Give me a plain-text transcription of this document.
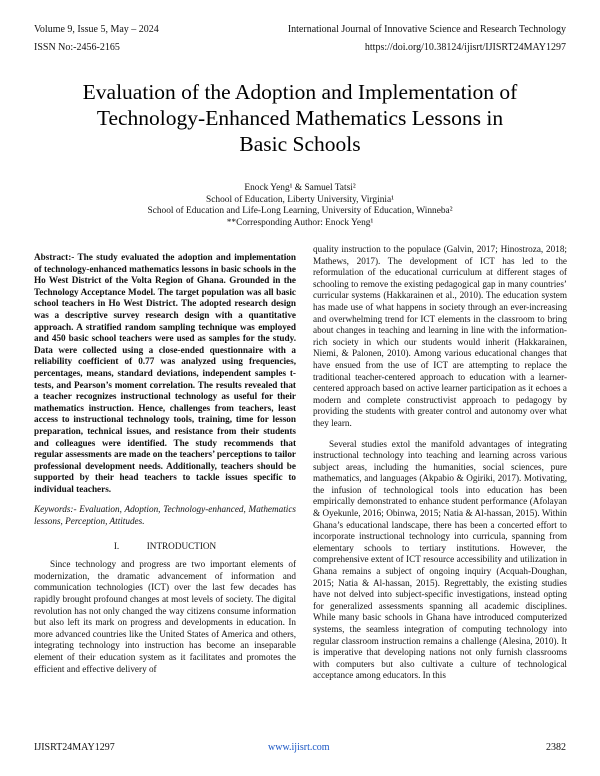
Volume 9, Issue 5, May – 2024	International Journal of Innovative Science and Research Technology
ISSN No:-2456-2165	https://doi.org/10.38124/ijisrt/IJISRT24MAY1297
Evaluation of the Adoption and Implementation of
Technology-Enhanced Mathematics Lessons in
Basic Schools
Enock Yeng¹ & Samuel Tatsi²
School of Education, Liberty University, Virginia¹
School of Education and Life-Long Learning, University of Education, Winneba²
**Corresponding Author: Enock Yeng¹

Abstract:- The study evaluated the adoption and implementation of technology-enhanced mathematics lessons in basic schools in the Ho West District of the Volta Region of Ghana. Grounded in the Technology Acceptance Model. The target population was all basic school teachers in Ho West District. The adopted research design was a descriptive survey research design with a quantitative approach. A stratified random sampling technique was employed and 450 basic school teachers were used as samples for the study. Data were collected using a close-ended questionnaire with a reliability coefficient of 0.77 was analyzed using frequencies, percentages, means, standard deviations, independent samples t-tests, and Pearson’s moment correlation. The results revealed that a teacher recognizes instructional technology as useful for their mathematics instruction. Hence, challenges from teachers, least access to instructional technology tools, training, time for lesson preparation, technical issues, and resistance from their students and colleagues were identified. The study recommends that regular assessments are made on the teachers’ perceptions to tailor professional development needs. Additionally, teachers should be supported by their head teachers to tackle issues specific to individual teachers.

Keywords:- Evaluation, Adoption, Technology-enhanced, Mathematics lessons, Perception, Attitudes.

I.   INTRODUCTION

Since technology and progress are two important elements of modernization, the dramatic advancement of information and communication technologies (ICT) over the last few decades has rapidly brought profound changes at most levels of society. The digital revolution has not only changed the way citizens consume information but also left its mark on progress and developments in education. In more advanced countries like the United States of America and others, integrating technology into instruction has become an inseparable element of their education system as it facilitates and promotes the efficient and effective delivery of

quality instruction to the populace (Galvin, 2017; Hinostroza, 2018; Mathews, 2017). The development of ICT has led to the reformulation of the educational curriculum at different stages of schooling to remove the existing pedagogical gap in many countries’ curricular systems (Hakkarainen et al., 2010). The education system has made use of what happens in society through an ever-increasing and overwhelming trend for ICT elements in the classroom to bring about changes in teaching and learning in line with the information-rich society in which our students would inherit (Hakkarainen, Niemi, & Palonen, 2010). Among various educational changes that have ensued from the use of ICT are attempting to replace the traditional teacher-centered approach to education with a learner-centered approach based on active learner participation as it echoes a modern and complete constructivist approach to pedagogy by providing the students with greater control and autonomy over what they learn.

Several studies extol the manifold advantages of integrating instructional technology into teaching and learning across various subject areas, including the humanities, social sciences, pure mathematics, and languages (Akpabio & Ogiriki, 2017). Motivating, the infusion of technological tools into education has been empirically demonstrated to enhance student performance (Afolayan & Oyekunle, 2016; Obinwa, 2015; Natia & Al-hassan, 2015). Within Ghana’s educational landscape, there has been a concerted effort to incorporate instructional technology into curricula, spanning from elementary schools to tertiary institutions. However, the comprehensive extent of ICT resource accessibility and utilization in Ghana remains a subject of ongoing inquiry (Acquah-Doughan, 2015; Natia & Al-hassan, 2015). Regrettably, the existing studies have not delved into subject-specific investigations, instead opting for generalized assessments spanning all academic disciplines. While many basic schools in Ghana have introduced computerized systems, the seamless integration of computing technology into regular classroom instruction remains a challenge (Alesina, 2010). It is imperative that developing nations not only furnish classrooms with computers but also cultivate a culture of technological acceptance among educators. In this

IJISRT24MAY1297	www.ijisrt.com	2382
